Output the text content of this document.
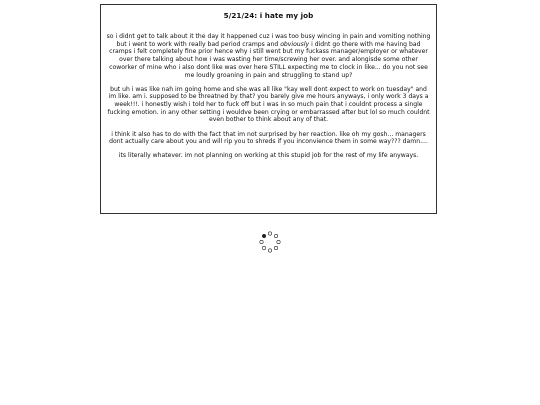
5/21/24: i hate my job

so i didnt get to talk about it the day it happened cuz i was too busy wincing in pain and vomiting nothing but i went to work with really bad period cramps and obviously i didnt go there with me having bad cramps i felt completely fine prior hence why i still went but my fuckass manager/employer or whatever over there talking about how i was wasting her time/screwing her over. and alongisde some other coworker of mine who i also dont like was over here STILL expecting me to clock in like... do you not see me loudly groaning in pain and struggling to stand up?

but uh i was like nah im going home and she was all like "kay well dont expect to work on tuesday" and im like. am i. supposed to be threatned by that? you barely give me hours anyways, i only work 3 days a week!!!. i honestly wish i told her to fuck off but i was in so much pain that i couldnt process a single fucking emotion. in any other setting i wouldve been crying or embarrassed after but lol so much couldnt even bother to think about any of that.

i think it also has to do with the fact that im not surprised by her reaction. like oh my gosh... managers dont actually care about you and will rip you to shreds if you inconvience them in some way??? damn....

its literally whatever. im not planning on working at this stupid job for the rest of my life anyways.
